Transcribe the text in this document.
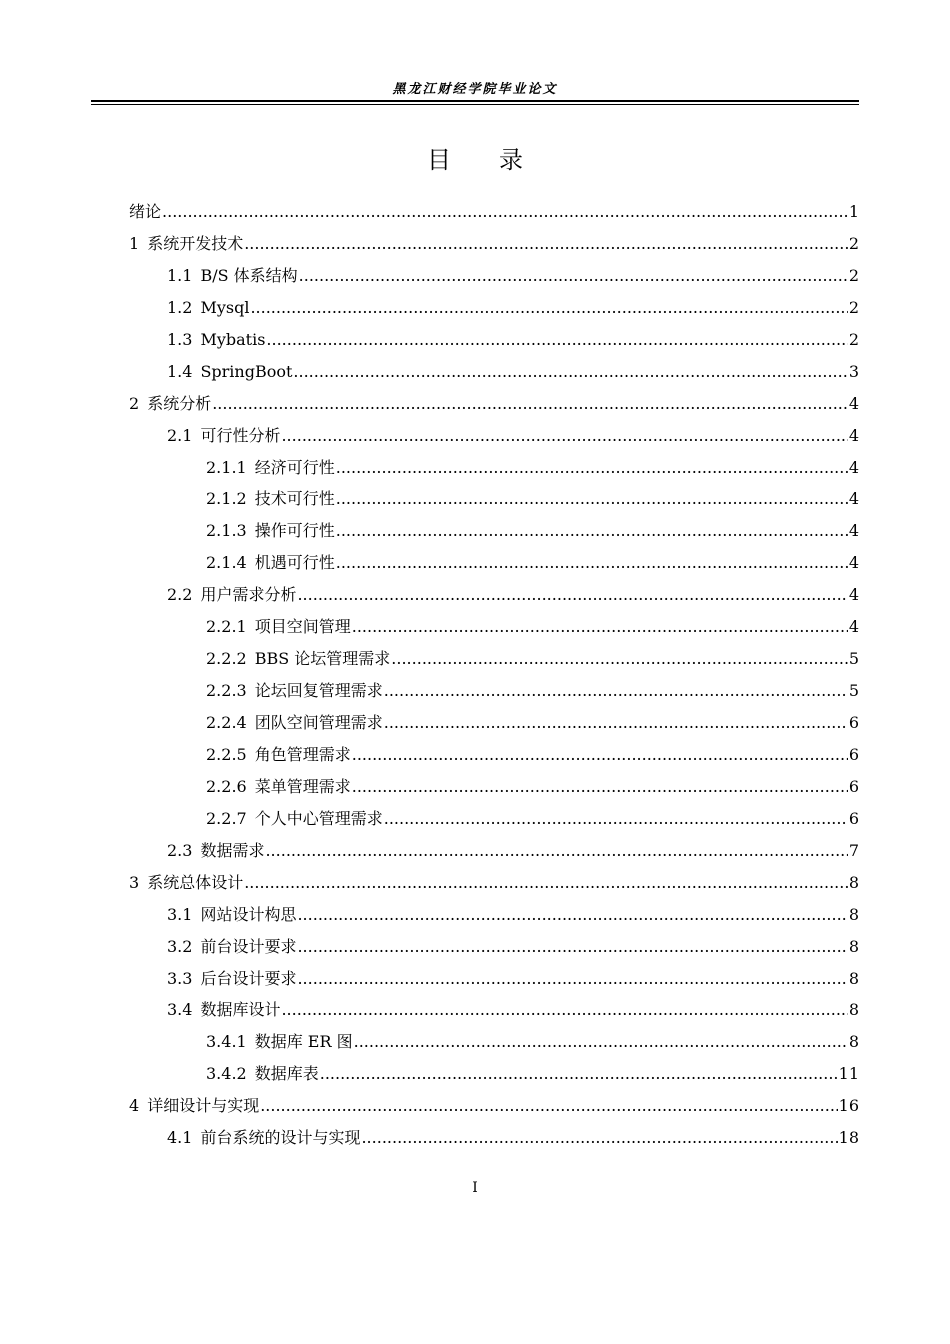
黑龙江财经学院毕业论文
目　　录
绪论 .....	1
1 系统开发技术 .....	2
1.1 B/S 体系结构 .....	2
1.2 Mysql .....	2
1.3 Mybatis .....	2
1.4 SpringBoot .....	3
2 系统分析 .....	4
2.1 可行性分析 .....	4
2.1.1 经济可行性 .....	4
2.1.2 技术可行性 .....	4
2.1.3 操作可行性 .....	4
2.1.4 机遇可行性 .....	4
2.2 用户需求分析 .....	4
2.2.1 项目空间管理 .....	4
2.2.2 BBS 论坛管理需求 .....	5
2.2.3 论坛回复管理需求 .....	5
2.2.4 团队空间管理需求 .....	6
2.2.5 角色管理需求 .....	6
2.2.6 菜单管理需求 .....	6
2.2.7 个人中心管理需求 .....	6
2.3 数据需求 .....	7
3 系统总体设计 .....	8
3.1 网站设计构思 .....	8
3.2 前台设计要求 .....	8
3.3 后台设计要求 .....	8
3.4 数据库设计 .....	8
3.4.1 数据库 ER 图 .....	8
3.4.2 数据库表 .....	11
4 详细设计与实现 .....	16
4.1 前台系统的设计与实现 .....	18
I
